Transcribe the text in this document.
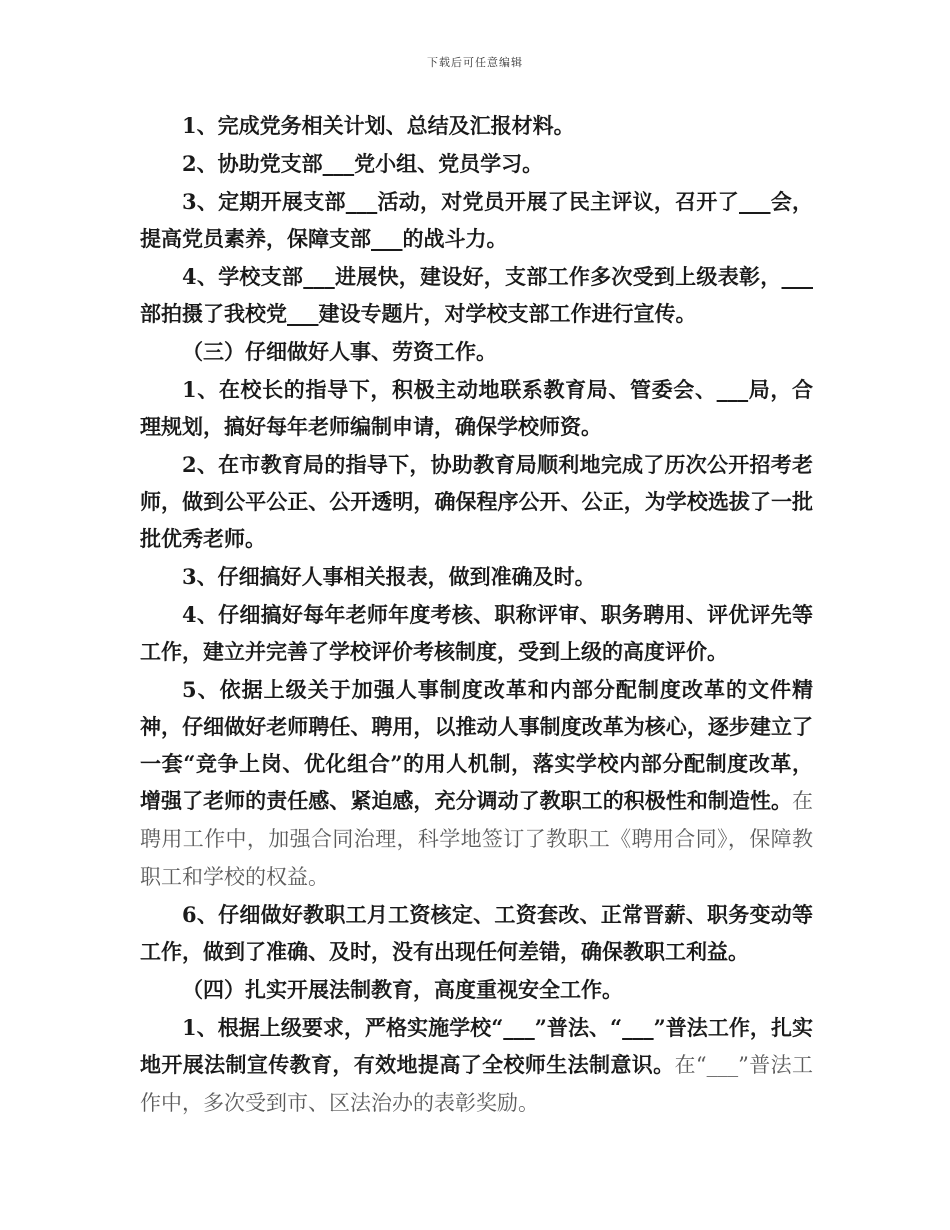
下载后可任意编辑

1、完成党务相关计划、总结及汇报材料。

2、协助党支部___党小组、党员学习。

3、定期开展支部___活动，对党员开展了民主评议，召开了___会，提高党员素养，保障支部___的战斗力。

4、学校支部___进展快，建设好，支部工作多次受到上级表彰，___部拍摄了我校党___建设专题片，对学校支部工作进行宣传。

（三）仔细做好人事、劳资工作。

1、在校长的指导下，积极主动地联系教育局、管委会、___局，合理规划，搞好每年老师编制申请，确保学校师资。

2、在市教育局的指导下，协助教育局顺利地完成了历次公开招考老师，做到公平公正、公开透明，确保程序公开、公正，为学校选拔了一批批优秀老师。

3、仔细搞好人事相关报表，做到准确及时。

4、仔细搞好每年老师年度考核、职称评审、职务聘用、评优评先等工作，建立并完善了学校评价考核制度，受到上级的高度评价。

5、依据上级关于加强人事制度改革和内部分配制度改革的文件精神，仔细做好老师聘任、聘用，以推动人事制度改革为核心，逐步建立了一套“竞争上岗、优化组合”的用人机制，落实学校内部分配制度改革，增强了老师的责任感、紧迫感，充分调动了教职工的积极性和制造性。在聘用工作中，加强合同治理，科学地签订了教职工《聘用合同》，保障教职工和学校的权益。

6、仔细做好教职工月工资核定、工资套改、正常晋薪、职务变动等工作，做到了准确、及时，没有出现任何差错，确保教职工利益。

（四）扎实开展法制教育，高度重视安全工作。

1、根据上级要求，严格实施学校“___”普法、“___”普法工作，扎实地开展法制宣传教育，有效地提高了全校师生法制意识。在“___”普法工作中，多次受到市、区法治办的表彰奖励。
